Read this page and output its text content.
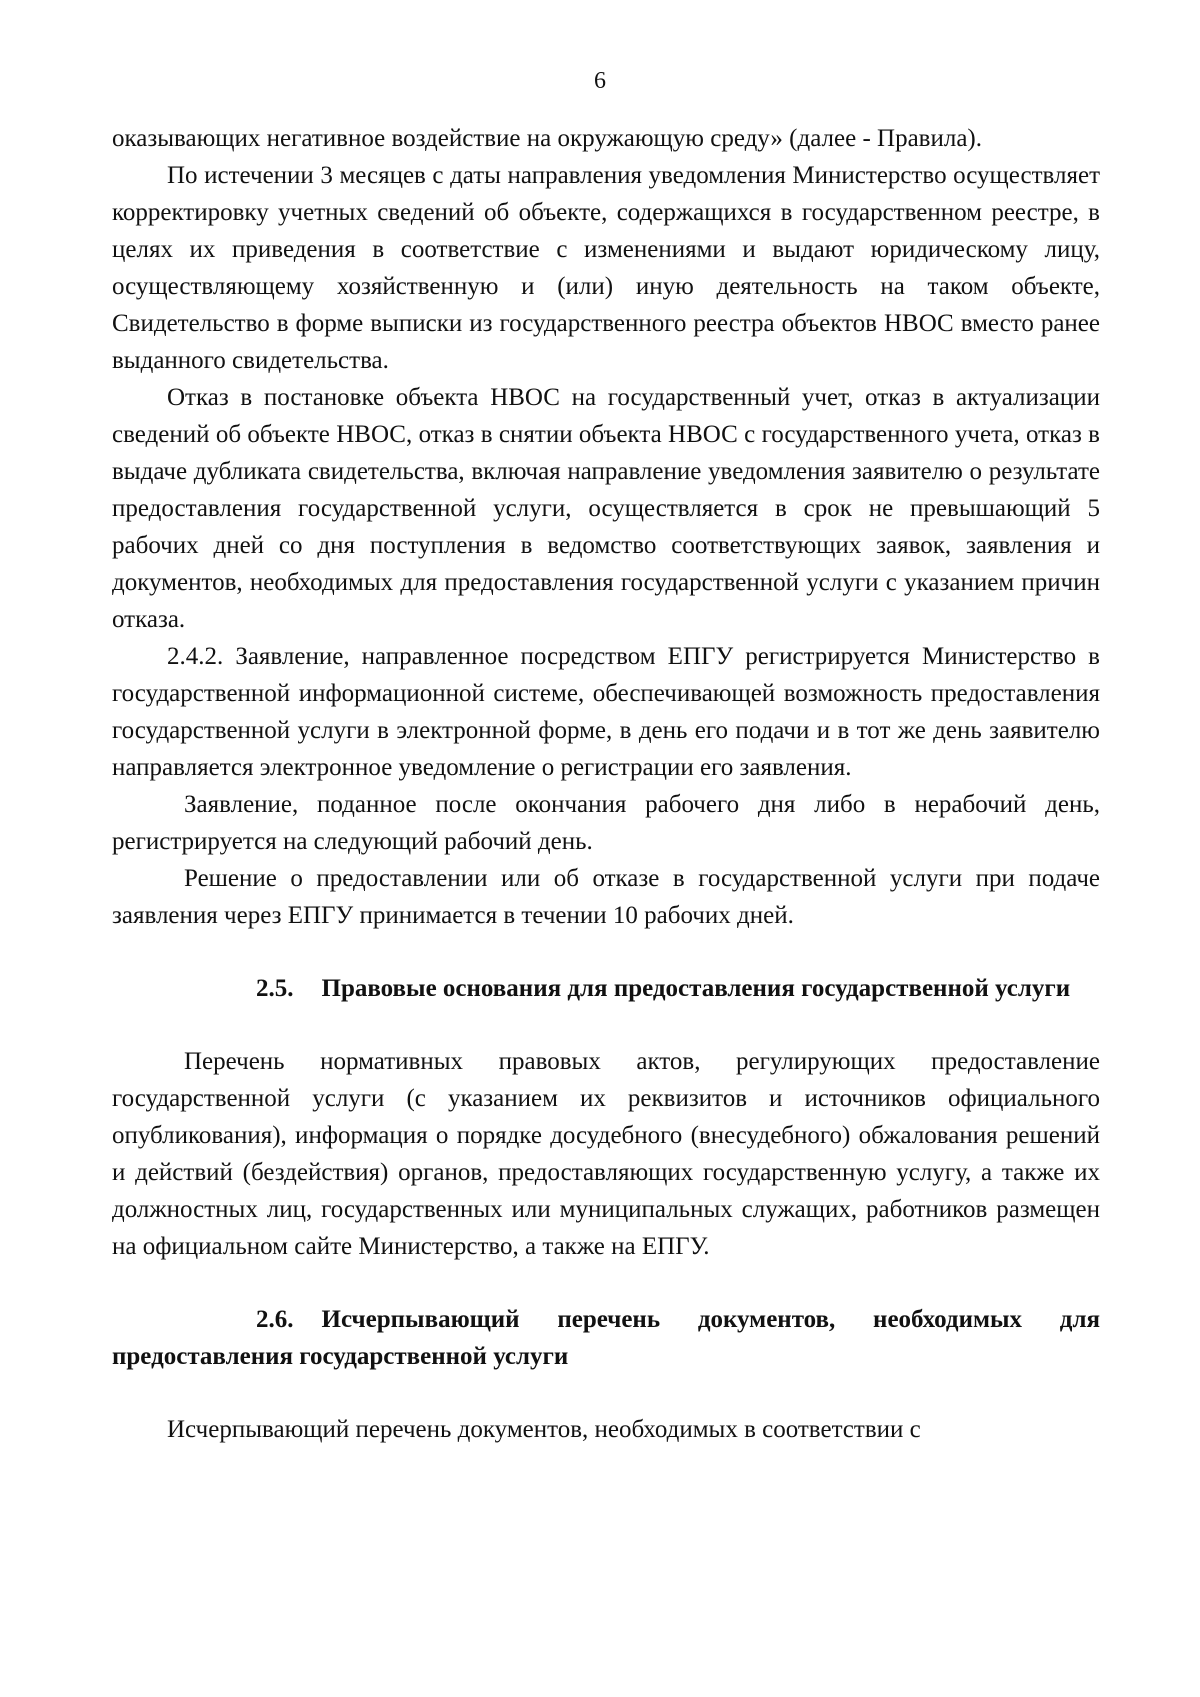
6

оказывающих негативное воздействие на окружающую среду» (далее - Правила).

По истечении 3 месяцев с даты направления уведомления Министерство осуществляет корректировку учетных сведений об объекте, содержащихся в государственном реестре, в целях их приведения в соответствие с изменениями и выдают юридическому лицу, осуществляющему хозяйственную и (или) иную деятельность на таком объекте, Свидетельство в форме выписки из государственного реестра объектов НВОС вместо ранее выданного свидетельства.

Отказ в постановке объекта НВОС на государственный учет, отказ в актуализации сведений об объекте НВОС, отказ в снятии объекта НВОС с государственного учета, отказ в выдаче дубликата свидетельства, включая направление уведомления заявителю о результате предоставления государственной услуги, осуществляется в срок не превышающий 5 рабочих дней со дня поступления в ведомство соответствующих заявок, заявления и документов, необходимых для предоставления государственной услуги с указанием причин отказа.

2.4.2. Заявление, направленное посредством ЕПГУ регистрируется Министерство в государственной информационной системе, обеспечивающей возможность предоставления государственной услуги в электронной форме, в день его подачи и в тот же день заявителю направляется электронное уведомление о регистрации его заявления.

Заявление, поданное после окончания рабочего дня либо в нерабочий день, регистрируется на следующий рабочий день.

Решение о предоставлении или об отказе в государственной услуги при подаче заявления через ЕПГУ принимается в течении 10 рабочих дней.

2.5. Правовые основания для предоставления государственной услуги

Перечень нормативных правовых актов, регулирующих предоставление государственной услуги (с указанием их реквизитов и источников официального опубликования), информация о порядке досудебного (внесудебного) обжалования решений и действий (бездействия) органов, предоставляющих государственную услугу, а также их должностных лиц, государственных или муниципальных служащих, работников размещен на официальном сайте Министерство, а также на ЕПГУ.

2.6. Исчерпывающий перечень документов, необходимых для предоставления государственной услуги

Исчерпывающий перечень документов, необходимых в соответствии с
